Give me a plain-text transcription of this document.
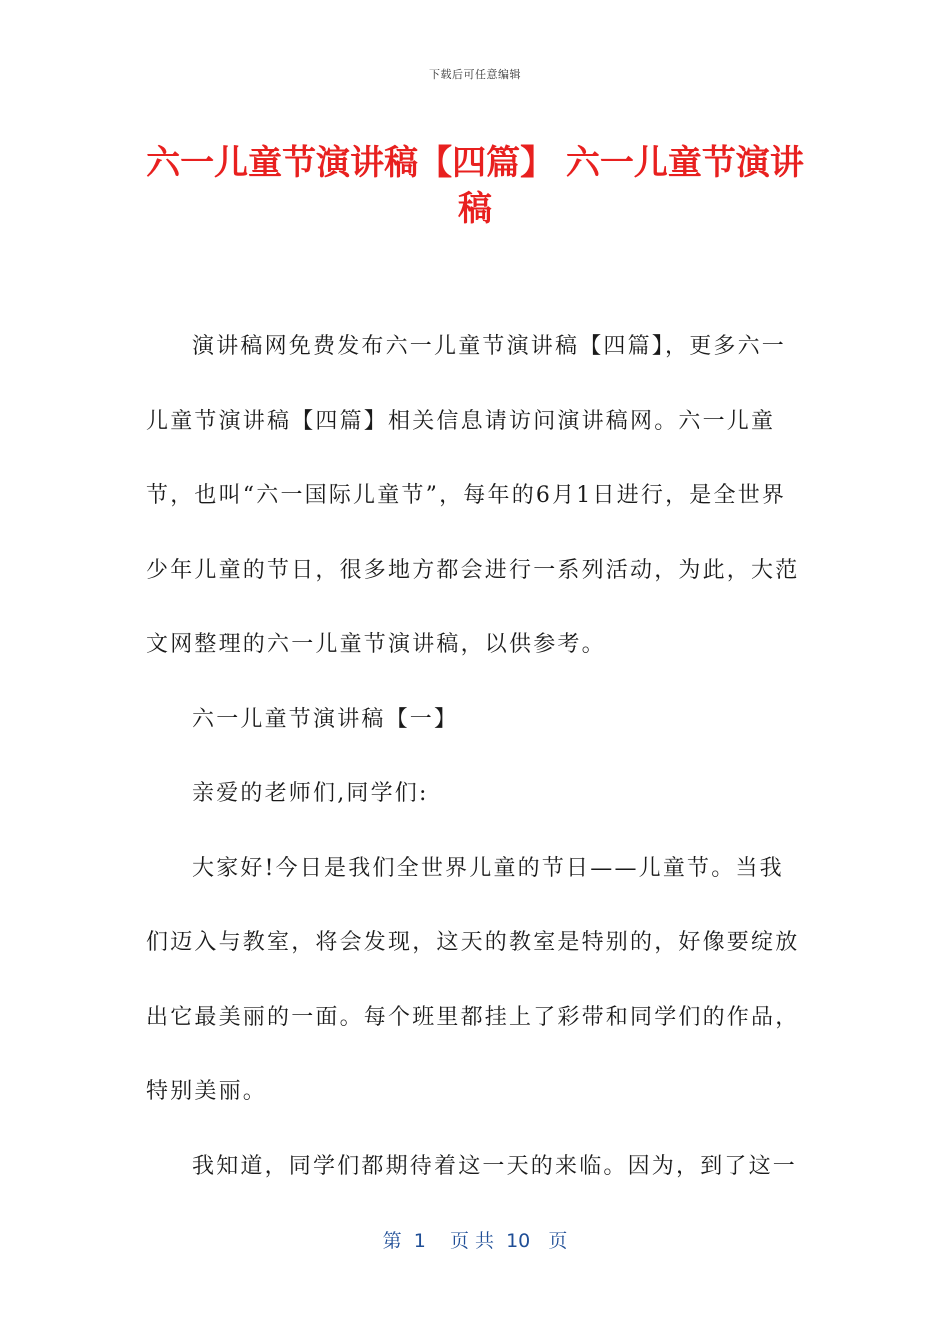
下载后可任意编辑
六一儿童节演讲稿【四篇】 六一儿童节演讲稿

演讲稿网免费发布六一儿童节演讲稿【四篇】，更多六一儿童节演讲稿【四篇】相关信息请访问演讲稿网。六一儿童节，也叫“六一国际儿童节”，每年的6月1日进行，是全世界少年儿童的节日，很多地方都会进行一系列活动，为此，大范文网整理的六一儿童节演讲稿，以供参考。

六一儿童节演讲稿【一】

亲爱的老师们,同学们:

大家好!今日是我们全世界儿童的节日——儿童节。当我们迈入与教室，将会发现，这天的教室是特别的，好像要绽放出它最美丽的一面。每个班里都挂上了彩带和同学们的作品，特别美丽。

我知道，同学们都期待着这一天的来临。因为，到了这一

第  1    页 共  10   页
